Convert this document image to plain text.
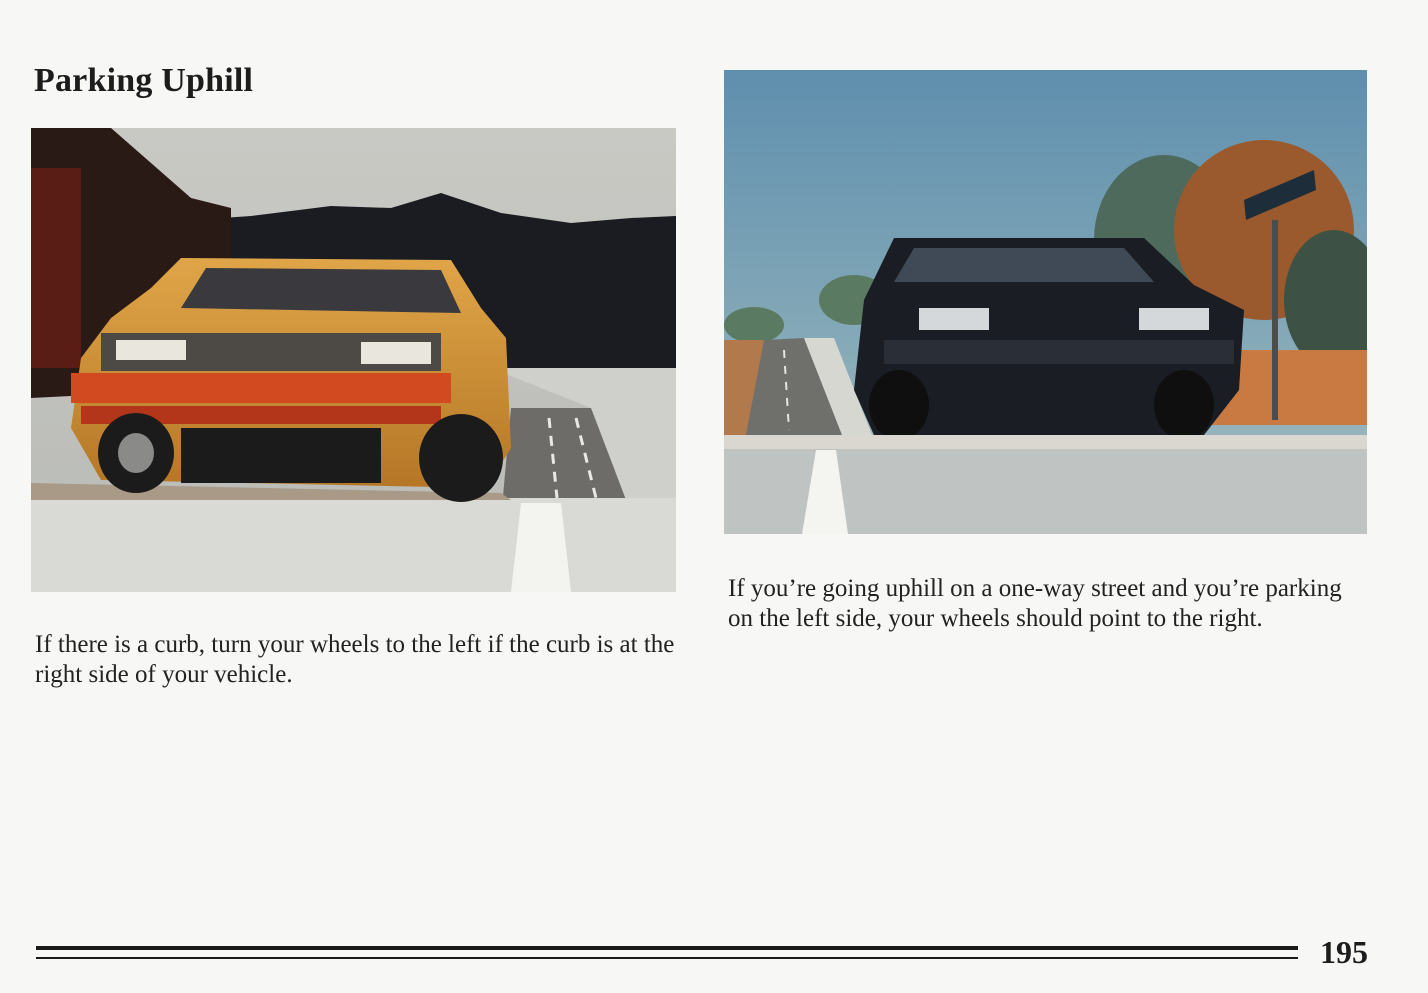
Parking Uphill

If there is a curb, turn your wheels to the left if the curb is at the right side of your vehicle.

If you’re going uphill on a one-way street and you’re parking on the left side, your wheels should point to the right.

195
